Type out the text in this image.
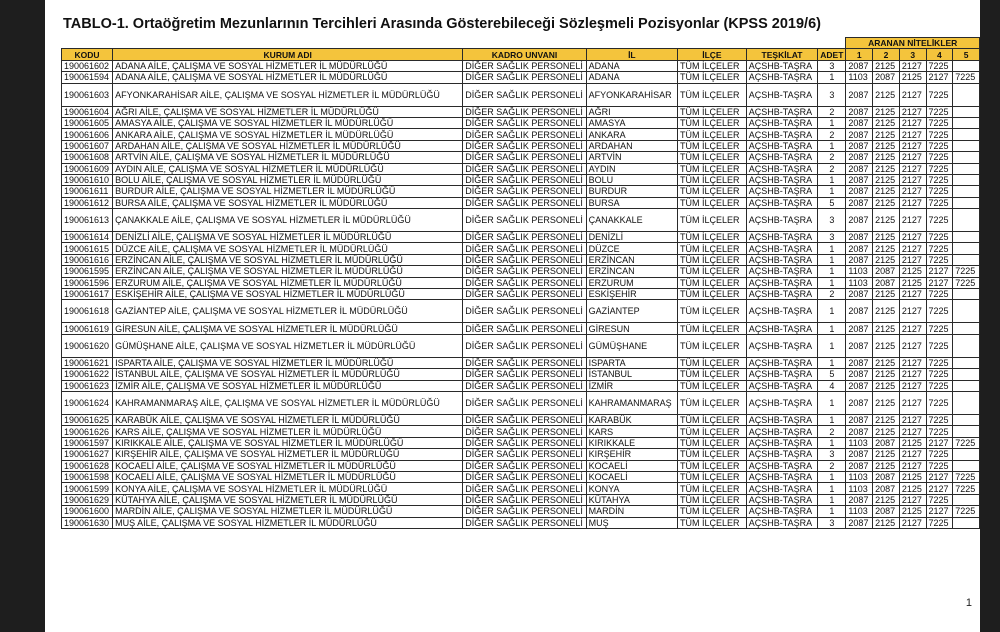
TABLO-1. Ortaöğretim Mezunlarının Tercihleri Arasında Gösterebileceği Sözleşmeli Pozisyonlar (KPSS 2019/6)
							ARANAN NİTELİKLER				
KODU	KURUM ADI	KADRO UNVANI	İL	İLÇE	TEŞKİLAT	ADET	1	2	3	4	5
190061602	ADANA AİLE, ÇALIŞMA VE SOSYAL HİZMETLER İL MÜDÜRLÜĞÜ	DİĞER SAĞLIK PERSONELİ	ADANA	TÜM İLÇELER	AÇSHB-TAŞRA	3	2087	2125	2127	7225	
190061594	ADANA AİLE, ÇALIŞMA VE SOSYAL HİZMETLER İL MÜDÜRLÜĞÜ	DİĞER SAĞLIK PERSONELİ	ADANA	TÜM İLÇELER	AÇSHB-TAŞRA	1	1103	2087	2125	2127	7225
190061603	AFYONKARAHİSAR AİLE, ÇALIŞMA VE SOSYAL HİZMETLER İL MÜDÜRLÜĞÜ	DİĞER SAĞLIK PERSONELİ	AFYONKARAHİSAR	TÜM İLÇELER	AÇSHB-TAŞRA	3	2087	2125	2127	7225	
190061604	AĞRI AİLE, ÇALIŞMA VE SOSYAL HİZMETLER İL MÜDÜRLÜĞÜ	DİĞER SAĞLIK PERSONELİ	AĞRI	TÜM İLÇELER	AÇSHB-TAŞRA	2	2087	2125	2127	7225	
190061605	AMASYA AİLE, ÇALIŞMA VE SOSYAL HİZMETLER İL MÜDÜRLÜĞÜ	DİĞER SAĞLIK PERSONELİ	AMASYA	TÜM İLÇELER	AÇSHB-TAŞRA	1	2087	2125	2127	7225	
190061606	ANKARA AİLE, ÇALIŞMA VE SOSYAL HİZMETLER İL MÜDÜRLÜĞÜ	DİĞER SAĞLIK PERSONELİ	ANKARA	TÜM İLÇELER	AÇSHB-TAŞRA	2	2087	2125	2127	7225	
190061607	ARDAHAN AİLE, ÇALIŞMA VE SOSYAL HİZMETLER İL MÜDÜRLÜĞÜ	DİĞER SAĞLIK PERSONELİ	ARDAHAN	TÜM İLÇELER	AÇSHB-TAŞRA	1	2087	2125	2127	7225	
190061608	ARTVİN AİLE, ÇALIŞMA VE SOSYAL HİZMETLER İL MÜDÜRLÜĞÜ	DİĞER SAĞLIK PERSONELİ	ARTVİN	TÜM İLÇELER	AÇSHB-TAŞRA	2	2087	2125	2127	7225	
190061609	AYDIN AİLE, ÇALIŞMA VE SOSYAL HİZMETLER İL MÜDÜRLÜĞÜ	DİĞER SAĞLIK PERSONELİ	AYDIN	TÜM İLÇELER	AÇSHB-TAŞRA	2	2087	2125	2127	7225	
190061610	BOLU AİLE, ÇALIŞMA VE SOSYAL HİZMETLER İL MÜDÜRLÜĞÜ	DİĞER SAĞLIK PERSONELİ	BOLU	TÜM İLÇELER	AÇSHB-TAŞRA	1	2087	2125	2127	7225	
190061611	BURDUR AİLE, ÇALIŞMA VE SOSYAL HİZMETLER İL MÜDÜRLÜĞÜ	DİĞER SAĞLIK PERSONELİ	BURDUR	TÜM İLÇELER	AÇSHB-TAŞRA	1	2087	2125	2127	7225	
190061612	BURSA AİLE, ÇALIŞMA VE SOSYAL HİZMETLER İL MÜDÜRLÜĞÜ	DİĞER SAĞLIK PERSONELİ	BURSA	TÜM İLÇELER	AÇSHB-TAŞRA	5	2087	2125	2127	7225	
190061613	ÇANAKKALE AİLE, ÇALIŞMA VE SOSYAL HİZMETLER İL MÜDÜRLÜĞÜ	DİĞER SAĞLIK PERSONELİ	ÇANAKKALE	TÜM İLÇELER	AÇSHB-TAŞRA	3	2087	2125	2127	7225	
190061614	DENİZLİ AİLE, ÇALIŞMA VE SOSYAL HİZMETLER İL MÜDÜRLÜĞÜ	DİĞER SAĞLIK PERSONELİ	DENİZLİ	TÜM İLÇELER	AÇSHB-TAŞRA	3	2087	2125	2127	7225	
190061615	DÜZCE AİLE, ÇALIŞMA VE SOSYAL HİZMETLER İL MÜDÜRLÜĞÜ	DİĞER SAĞLIK PERSONELİ	DÜZCE	TÜM İLÇELER	AÇSHB-TAŞRA	1	2087	2125	2127	7225	
190061616	ERZİNCAN AİLE, ÇALIŞMA VE SOSYAL HİZMETLER İL MÜDÜRLÜĞÜ	DİĞER SAĞLIK PERSONELİ	ERZİNCAN	TÜM İLÇELER	AÇSHB-TAŞRA	1	2087	2125	2127	7225	
190061595	ERZİNCAN AİLE, ÇALIŞMA VE SOSYAL HİZMETLER İL MÜDÜRLÜĞÜ	DİĞER SAĞLIK PERSONELİ	ERZİNCAN	TÜM İLÇELER	AÇSHB-TAŞRA	1	1103	2087	2125	2127	7225
190061596	ERZURUM AİLE, ÇALIŞMA VE SOSYAL HİZMETLER İL MÜDÜRLÜĞÜ	DİĞER SAĞLIK PERSONELİ	ERZURUM	TÜM İLÇELER	AÇSHB-TAŞRA	1	1103	2087	2125	2127	7225
190061617	ESKİŞEHİR AİLE, ÇALIŞMA VE SOSYAL HİZMETLER İL MÜDÜRLÜĞÜ	DİĞER SAĞLIK PERSONELİ	ESKİŞEHİR	TÜM İLÇELER	AÇSHB-TAŞRA	2	2087	2125	2127	7225	
190061618	GAZİANTEP AİLE, ÇALIŞMA VE SOSYAL HİZMETLER İL MÜDÜRLÜĞÜ	DİĞER SAĞLIK PERSONELİ	GAZİANTEP	TÜM İLÇELER	AÇSHB-TAŞRA	1	2087	2125	2127	7225	
190061619	GİRESUN AİLE, ÇALIŞMA VE SOSYAL HİZMETLER İL MÜDÜRLÜĞÜ	DİĞER SAĞLIK PERSONELİ	GİRESUN	TÜM İLÇELER	AÇSHB-TAŞRA	1	2087	2125	2127	7225	
190061620	GÜMÜŞHANE AİLE, ÇALIŞMA VE SOSYAL HİZMETLER İL MÜDÜRLÜĞÜ	DİĞER SAĞLIK PERSONELİ	GÜMÜŞHANE	TÜM İLÇELER	AÇSHB-TAŞRA	1	2087	2125	2127	7225	
190061621	ISPARTA AİLE, ÇALIŞMA VE SOSYAL HİZMETLER İL MÜDÜRLÜĞÜ	DİĞER SAĞLIK PERSONELİ	ISPARTA	TÜM İLÇELER	AÇSHB-TAŞRA	1	2087	2125	2127	7225	
190061622	İSTANBUL AİLE, ÇALIŞMA VE SOSYAL HİZMETLER İL MÜDÜRLÜĞÜ	DİĞER SAĞLIK PERSONELİ	İSTANBUL	TÜM İLÇELER	AÇSHB-TAŞRA	5	2087	2125	2127	7225	
190061623	İZMİR AİLE, ÇALIŞMA VE SOSYAL HİZMETLER İL MÜDÜRLÜĞÜ	DİĞER SAĞLIK PERSONELİ	İZMİR	TÜM İLÇELER	AÇSHB-TAŞRA	4	2087	2125	2127	7225	
190061624	KAHRAMANMARAŞ AİLE, ÇALIŞMA VE SOSYAL HİZMETLER İL MÜDÜRLÜĞÜ	DİĞER SAĞLIK PERSONELİ	KAHRAMANMARAŞ	TÜM İLÇELER	AÇSHB-TAŞRA	1	2087	2125	2127	7225	
190061625	KARABÜK AİLE, ÇALIŞMA VE SOSYAL HİZMETLER İL MÜDÜRLÜĞÜ	DİĞER SAĞLIK PERSONELİ	KARABÜK	TÜM İLÇELER	AÇSHB-TAŞRA	1	2087	2125	2127	7225	
190061626	KARS AİLE, ÇALIŞMA VE SOSYAL HİZMETLER İL MÜDÜRLÜĞÜ	DİĞER SAĞLIK PERSONELİ	KARS	TÜM İLÇELER	AÇSHB-TAŞRA	2	2087	2125	2127	7225	
190061597	KIRIKKALE AİLE, ÇALIŞMA VE SOSYAL HİZMETLER İL MÜDÜRLÜĞÜ	DİĞER SAĞLIK PERSONELİ	KIRIKKALE	TÜM İLÇELER	AÇSHB-TAŞRA	1	1103	2087	2125	2127	7225
190061627	KIRŞEHİR AİLE, ÇALIŞMA VE SOSYAL HİZMETLER İL MÜDÜRLÜĞÜ	DİĞER SAĞLIK PERSONELİ	KIRŞEHİR	TÜM İLÇELER	AÇSHB-TAŞRA	3	2087	2125	2127	7225	
190061628	KOCAELİ AİLE, ÇALIŞMA VE SOSYAL HİZMETLER İL MÜDÜRLÜĞÜ	DİĞER SAĞLIK PERSONELİ	KOCAELİ	TÜM İLÇELER	AÇSHB-TAŞRA	2	2087	2125	2127	7225	
190061598	KOCAELİ AİLE, ÇALIŞMA VE SOSYAL HİZMETLER İL MÜDÜRLÜĞÜ	DİĞER SAĞLIK PERSONELİ	KOCAELİ	TÜM İLÇELER	AÇSHB-TAŞRA	1	1103	2087	2125	2127	7225
190061599	KONYA AİLE, ÇALIŞMA VE SOSYAL HİZMETLER İL MÜDÜRLÜĞÜ	DİĞER SAĞLIK PERSONELİ	KONYA	TÜM İLÇELER	AÇSHB-TAŞRA	1	1103	2087	2125	2127	7225
190061629	KÜTAHYA AİLE, ÇALIŞMA VE SOSYAL HİZMETLER İL MÜDÜRLÜĞÜ	DİĞER SAĞLIK PERSONELİ	KÜTAHYA	TÜM İLÇELER	AÇSHB-TAŞRA	1	2087	2125	2127	7225	
190061600	MARDİN AİLE, ÇALIŞMA VE SOSYAL HİZMETLER İL MÜDÜRLÜĞÜ	DİĞER SAĞLIK PERSONELİ	MARDİN	TÜM İLÇELER	AÇSHB-TAŞRA	1	1103	2087	2125	2127	7225
190061630	MUŞ AİLE, ÇALIŞMA VE SOSYAL HİZMETLER İL MÜDÜRLÜĞÜ	DİĞER SAĞLIK PERSONELİ	MUŞ	TÜM İLÇELER	AÇSHB-TAŞRA	3	2087	2125	2127	7225	
1
